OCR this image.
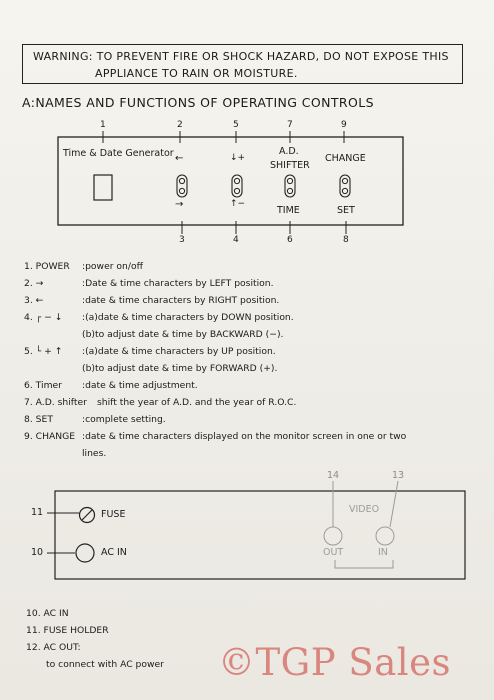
WARNING: TO PREVENT FIRE OR SHOCK HAZARD, DO NOT EXPOSE THIS
APPLIANCE TO RAIN OR MOISTURE.
A:NAMES AND FUNCTIONS OF OPERATING CONTROLS
1	2	5	7	9
3	4	6	8
Time & Date Generator ←
→
↓+
↑−
A.D.
SHIFTER
CHANGE
TIME	SET
1. POWER :power on/off
2. →	:Date & time characters by LEFT position.
3. ←	:date & time characters by RIGHT position.
4. ┌ − ↓ :(a)date & time characters by DOWN position.
(b)to adjust date & time by BACKWARD (−).
5. └ + ↑ :(a)date & time characters by UP position.
(b)to adjust date & time by FORWARD (+).
6. Timer :date & time adjustment.
7. A.D. shifter shift the year of A.D. and the year of R.O.C.
8. SET	:complete setting.
9. CHANGE :date & time characters displayed on the monitor screen in one or two
lines.
11
10
FUSE
AC IN
14	13
VIDEO
OUT	IN
10. AC IN
11. FUSE HOLDER
12. AC OUT:
to connect with AC power ©TGP Sales
